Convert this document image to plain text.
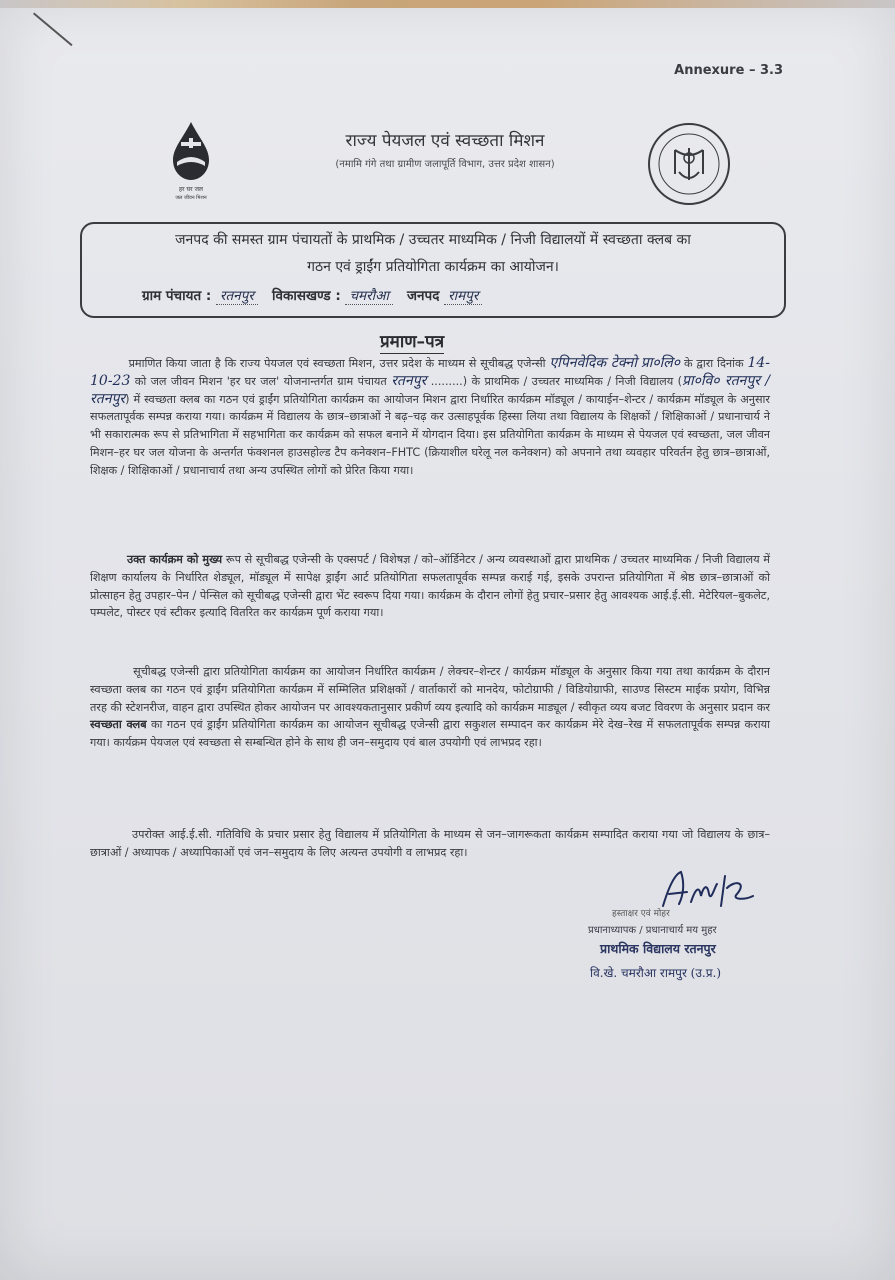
Annexure – 3.3
हर घर जल
जल जीवन मिशन
राज्य पेयजल एवं स्वच्छता मिशन
(नमामि गंगे तथा ग्रामीण जलापूर्ति विभाग, उत्तर प्रदेश शासन)
जनपद की समस्त ग्राम पंचायतों के प्राथमिक / उच्चतर माध्यमिक / निजी विद्यालयों में स्वच्छता क्लब का
गठन एवं ड्राईंग प्रतियोगिता कार्यक्रम का आयोजन।
ग्राम पंचायत : रतनपुर विकासखण्ड : चमरौआ जनपद रामपुर
प्रमाण–पत्र
प्रमाणित किया जाता है कि राज्य पेयजल एवं स्वच्छता मिशन, उत्तर प्रदेश के माध्यम से सूचीबद्ध एजेन्सी एपिनवेदिक टेक्नो प्रा०लि० के द्वारा दिनांक 14-10-23 को जल जीवन मिशन 'हर घर जल' योजनान्तर्गत ग्राम पंचायत रतनपुर .........) के प्राथमिक / उच्चतर माध्यमिक / निजी विद्यालय (प्रा०वि० रतनपुर / रतनपुर) में स्वच्छता क्लब का गठन एवं ड्राईंग प्रतियोगिता कार्यक्रम का आयोजन मिशन द्वारा निर्धारित कार्यक्रम मॉड्यूल / कायाईन–शेन्टर / कार्यक्रम मॉड्यूल के अनुसार सफलतापूर्वक सम्पन्न कराया गया। कार्यक्रम में विद्यालय के छात्र–छात्राओं ने बढ़–चढ़ कर उत्साहपूर्वक हिस्सा लिया तथा विद्यालय के शिक्षकों / शिक्षिकाओं / प्रधानाचार्य ने भी सकारात्मक रूप से प्रतिभागिता में सहभागिता कर कार्यक्रम को सफल बनाने में योगदान दिया। इस प्रतियोगिता कार्यक्रम के माध्यम से पेयजल एवं स्वच्छता, जल जीवन मिशन–हर घर जल योजना के अन्तर्गत फंक्शनल हाउसहोल्ड टैप कनेक्शन–FHTC (क्रियाशील घरेलू नल कनेक्शन) को अपनाने तथा व्यवहार परिवर्तन हेतु छात्र–छात्राओं, शिक्षक / शिक्षिकाओं / प्रधानाचार्य तथा अन्य उपस्थित लोगों को प्रेरित किया गया।
उक्त कार्यक्रम को मुख्य रूप से सूचीबद्ध एजेन्सी के एक्सपर्ट / विशेषज्ञ / को–ऑर्डिनेटर / अन्य व्यवस्थाओं द्वारा प्राथमिक / उच्चतर माध्यमिक / निजी विद्यालय में शिक्षण कार्यालय के निर्धारित शेड्यूल, मॉड्यूल में सापेक्ष ड्राईंग आर्ट प्रतियोगिता सफलतापूर्वक सम्पन्न कराई गई, इसके उपरान्त प्रतियोगिता में श्रेष्ठ छात्र–छात्राओं को प्रोत्साहन हेतु उपहार–पेन / पेन्सिल को सूचीबद्ध एजेन्सी द्वारा भेंट स्वरूप दिया गया। कार्यक्रम के दौरान लोगों हेतु प्रचार–प्रसार हेतु आवश्यक आई.ई.सी. मेटेरियल–बुकलेट, पम्पलेट, पोस्टर एवं स्टीकर इत्यादि वितरित कर कार्यक्रम पूर्ण कराया गया।
सूचीबद्ध एजेन्सी द्वारा प्रतियोगिता कार्यक्रम का आयोजन निर्धारित कार्यक्रम / लेक्चर–शेन्टर / कार्यक्रम मॉड्यूल के अनुसार किया गया तथा कार्यक्रम के दौरान स्वच्छता क्लब का गठन एवं ड्राईंग प्रतियोगिता कार्यक्रम में सम्मिलित प्रशिक्षकों / वार्ताकारों को मानदेय, फोटोग्राफी / विडियोग्राफी, साउण्ड सिस्टम माईक प्रयोग, विभिन्न तरह की स्टेशनरीज, वाहन द्वारा उपस्थित होकर आयोजन पर आवश्यकतानुसार प्रकीर्ण व्यय इत्यादि को कार्यक्रम माड्यूल / स्वीकृत व्यय बजट विवरण के अनुसार प्रदान कर स्वच्छता क्लब का गठन एवं ड्राईंग प्रतियोगिता कार्यक्रम का आयोजन सूचीबद्ध एजेन्सी द्वारा सकुशल सम्पादन कर कार्यक्रम मेरे देख–रेख में सफलतापूर्वक सम्पन्न कराया गया। कार्यक्रम पेयजल एवं स्वच्छता से सम्बन्धित होने के साथ ही जन–समुदाय एवं बाल उपयोगी एवं लाभप्रद रहा।
उपरोक्त आई.ई.सी. गतिविधि के प्रचार प्रसार हेतु विद्यालय में प्रतियोगिता के माध्यम से जन–जागरूकता कार्यक्रम सम्पादित कराया गया जो विद्यालय के छात्र–छात्राओं / अध्यापक / अध्यापिकाओं एवं जन–समुदाय के लिए अत्यन्त उपयोगी व लाभप्रद रहा।
हस्ताक्षर एवं मोहर
प्रधानाध्यापक / प्रधानाचार्य मय मुहर
प्राथमिक विद्यालय रतनपुर
वि.खे. चमरौआ रामपुर (उ.प्र.)
